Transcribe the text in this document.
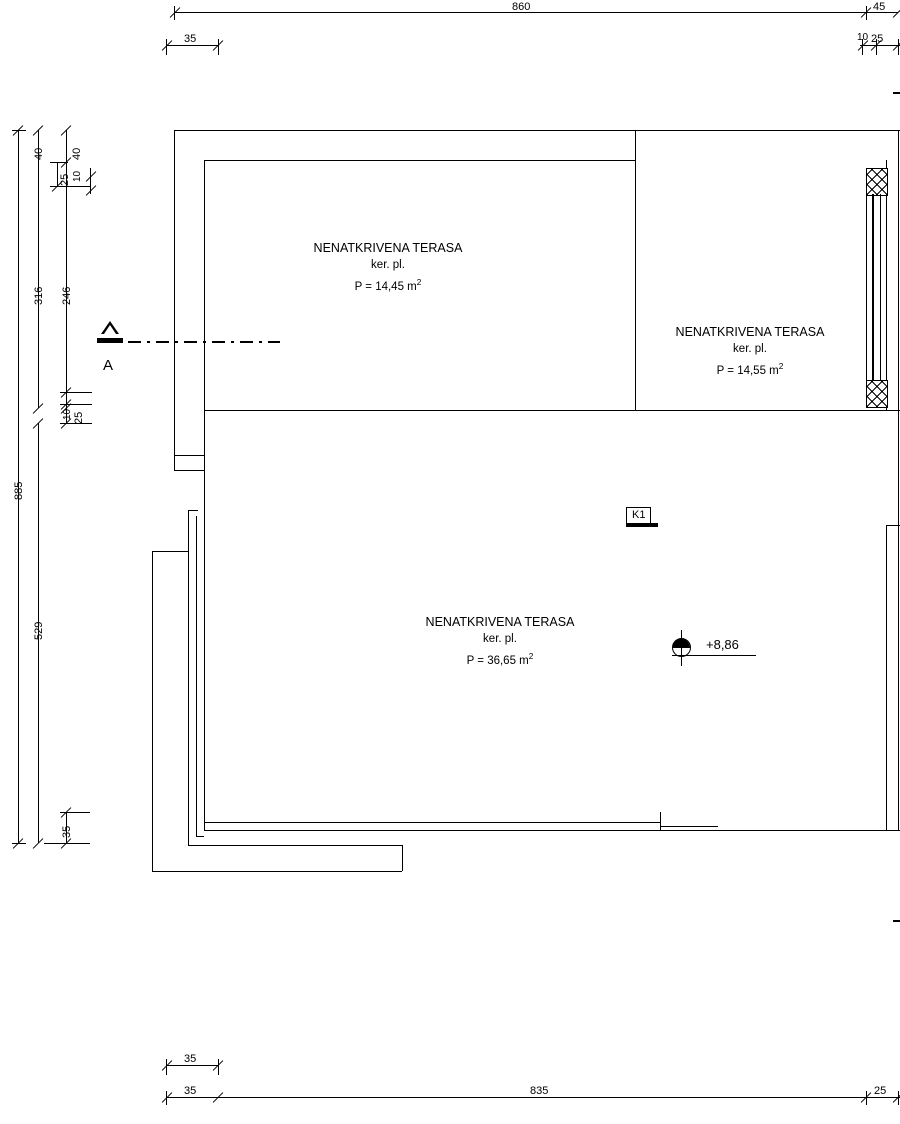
860	45
35	10 25
885
316 246
40 40
25 10
10 25
529
35
A
NENATKRIVENA TERASA
ker. pl.
P = 14,45 $m^2$
NENATKRIVENA TERASA
ker. pl.
P = 14,55 $m^2$
NENATKRIVENA TERASA
ker. pl.
P = 36,65 $m^2$
K1
+8,86
35
35	835	25
